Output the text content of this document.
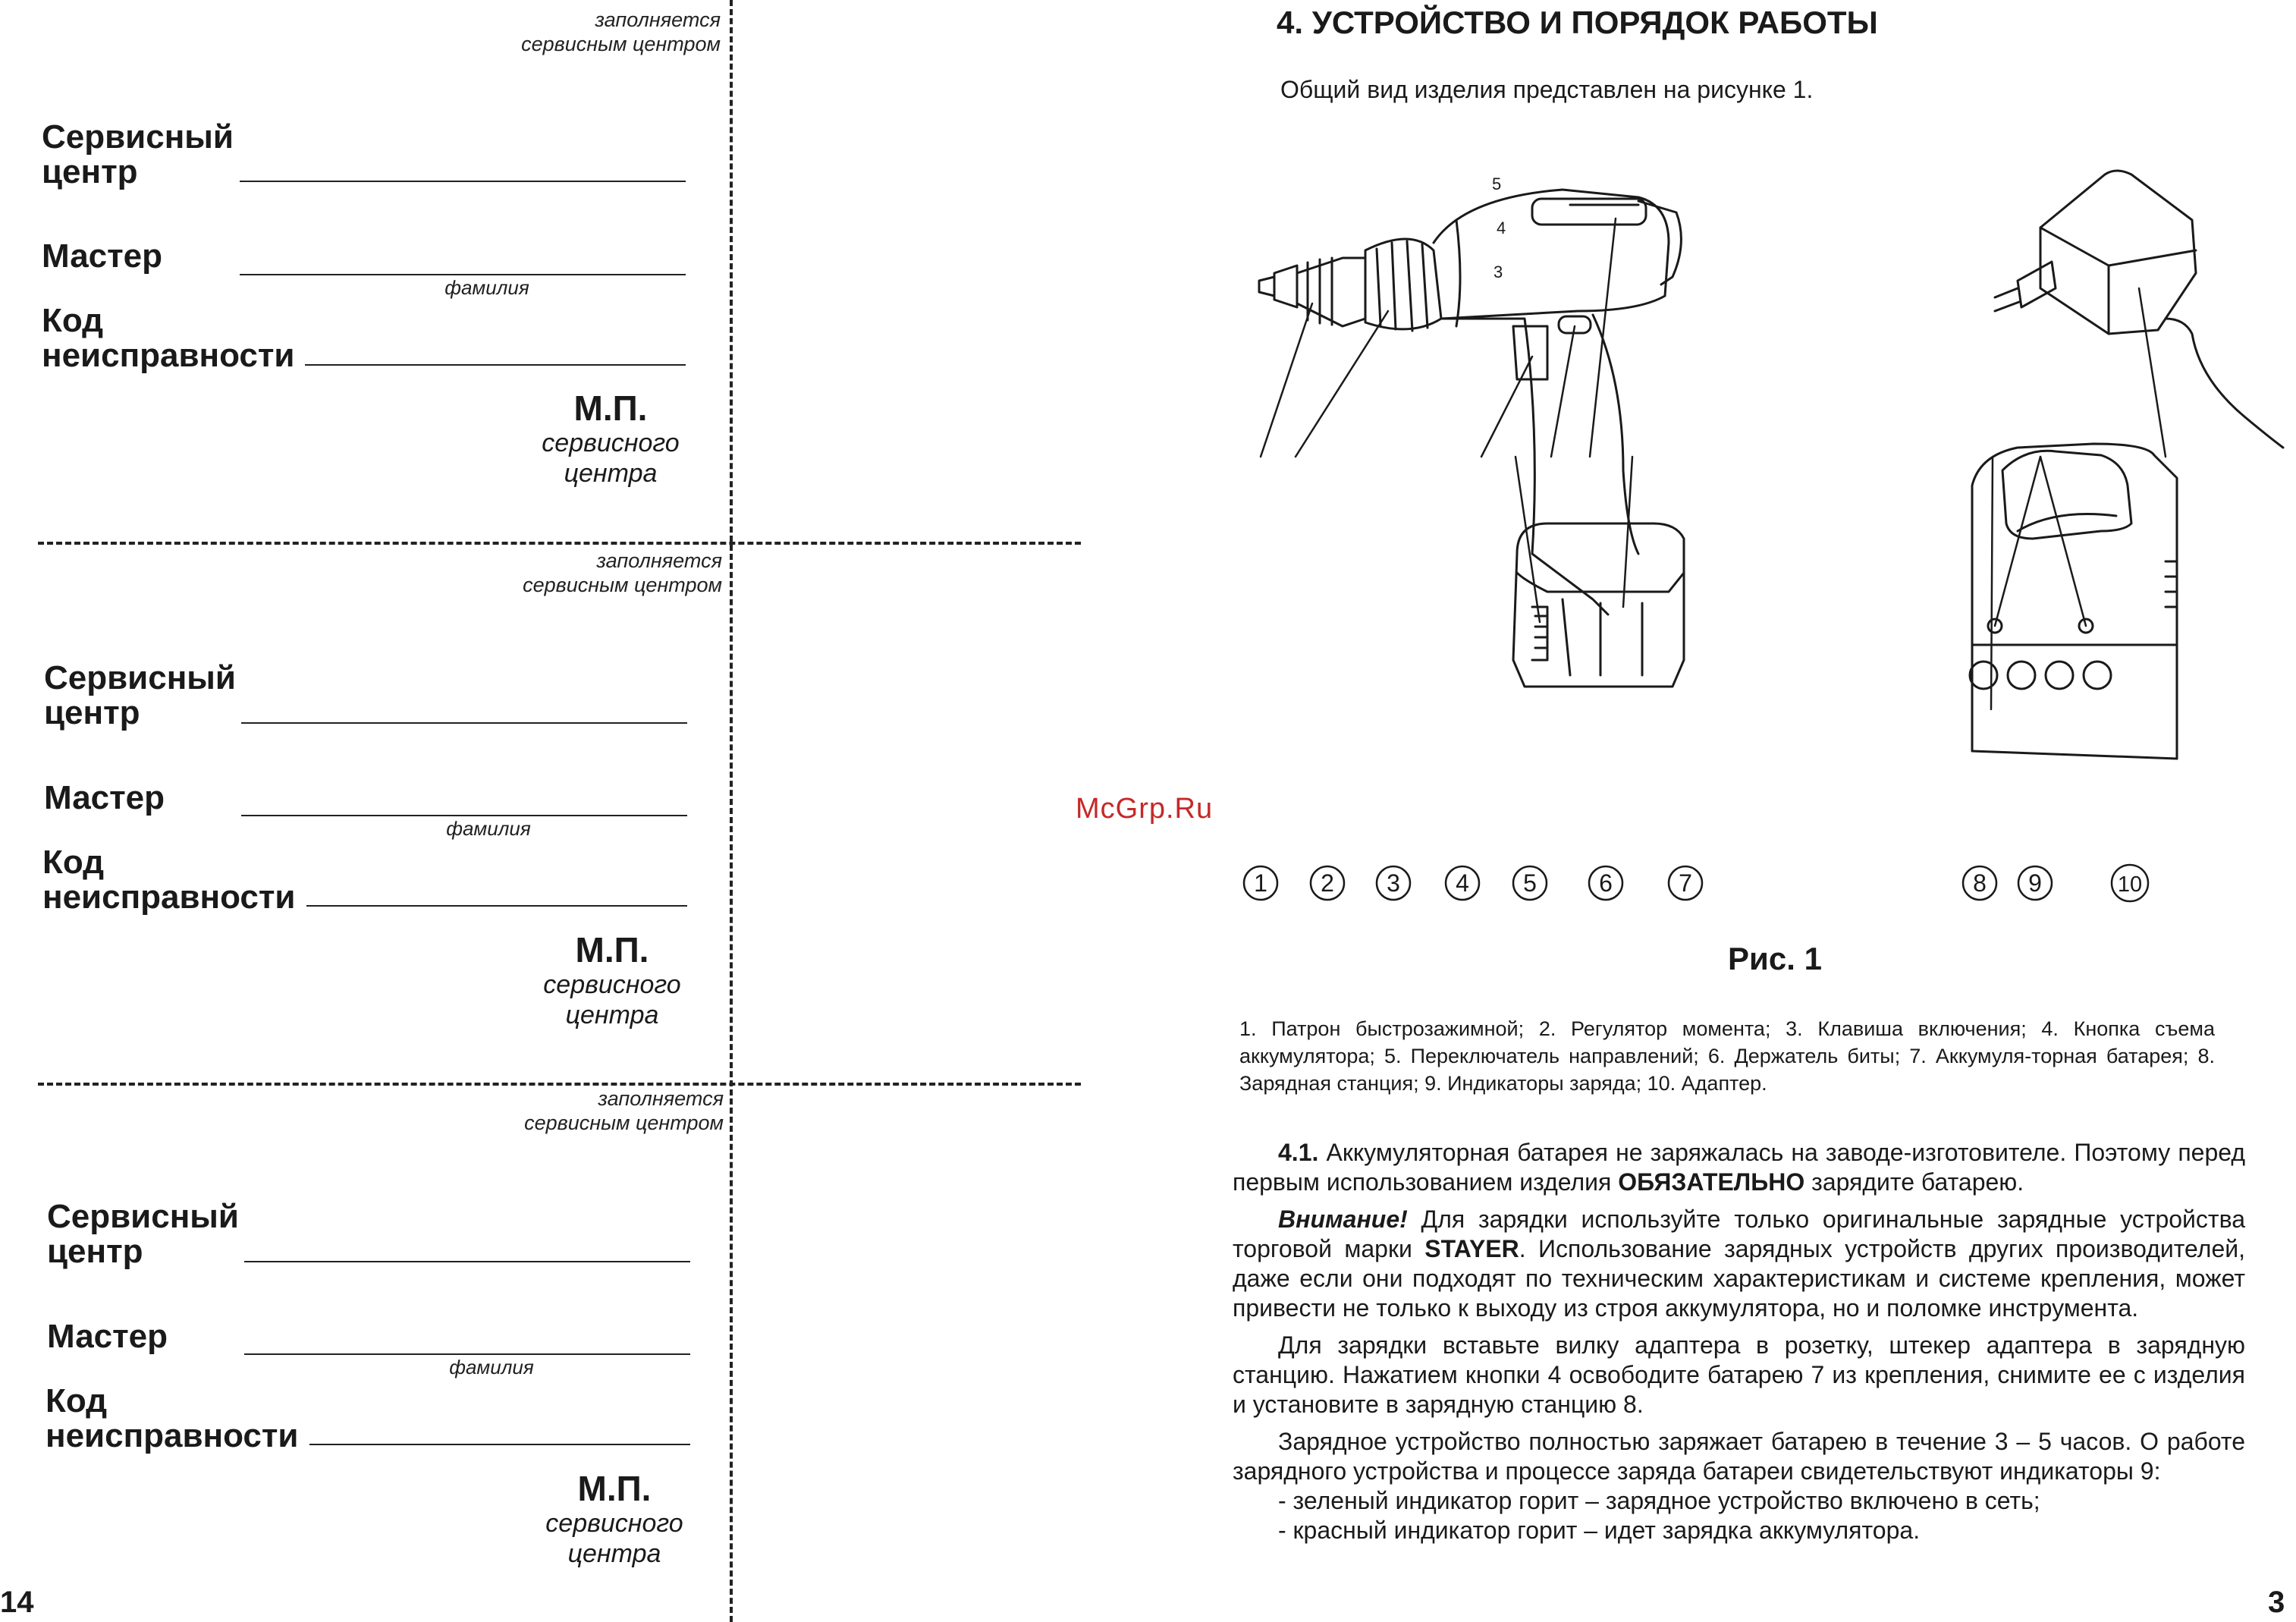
заполняется
сервисным центром
Сервисный
центр
Мастер
фамилия
Код
неисправности
М.П.
сервисного
центра
заполняется
сервисным центром
Сервисный
центр
Мастер
фамилия
Код
неисправности
М.П.
сервисного
центра
заполняется
сервисным центром
Сервисный
центр
Мастер
фамилия
Код
неисправности
М.П.
сервисного
центра
14
4. УСТРОЙСТВО И ПОРЯДОК РАБОТЫ
Общий вид изделия представлен на рисунке 1.
5
4
3
1 2 3 4 5	6	7	8 9	10
McGrp.Ru
Рис. 1
1. Патрон быстрозажимной; 2. Регулятор момента; 3. Клавиша включения; 4. Кнопка съема аккумулятора; 5. Переключатель направлений; 6. Держатель биты; 7. Аккумуля-торная батарея; 8. Зарядная станция; 9. Индикаторы заряда; 10. Адаптер.

4.1. Аккумуляторная батарея не заряжалась на заводе-изготовителе. Поэтому перед первым использованием изделия ОБЯЗАТЕЛЬНО зарядите батарею.

Внимание! Для зарядки используйте только оригинальные зарядные устройства торговой марки STAYER. Использование зарядных устройств других производителей, даже если они подходят по техническим характеристикам и системе крепления, может привести не только к выходу из строя аккумулятора, но и поломке инструмента.

Для зарядки вставьте вилку адаптера в розетку, штекер адаптера в зарядную станцию. Нажатием кнопки 4 освободите батарею 7 из крепления, снимите ее с изделия и установите в зарядную станцию 8.

Зарядное устройство полностью заряжает батарею в течение 3 – 5 часов. О работе зарядного устройства и процессе заряда батареи свидетельствуют индикаторы 9:

- зеленый индикатор горит – зарядное устройство включено в сеть;
- красный индикатор горит – идет зарядка аккумулятора.
3
